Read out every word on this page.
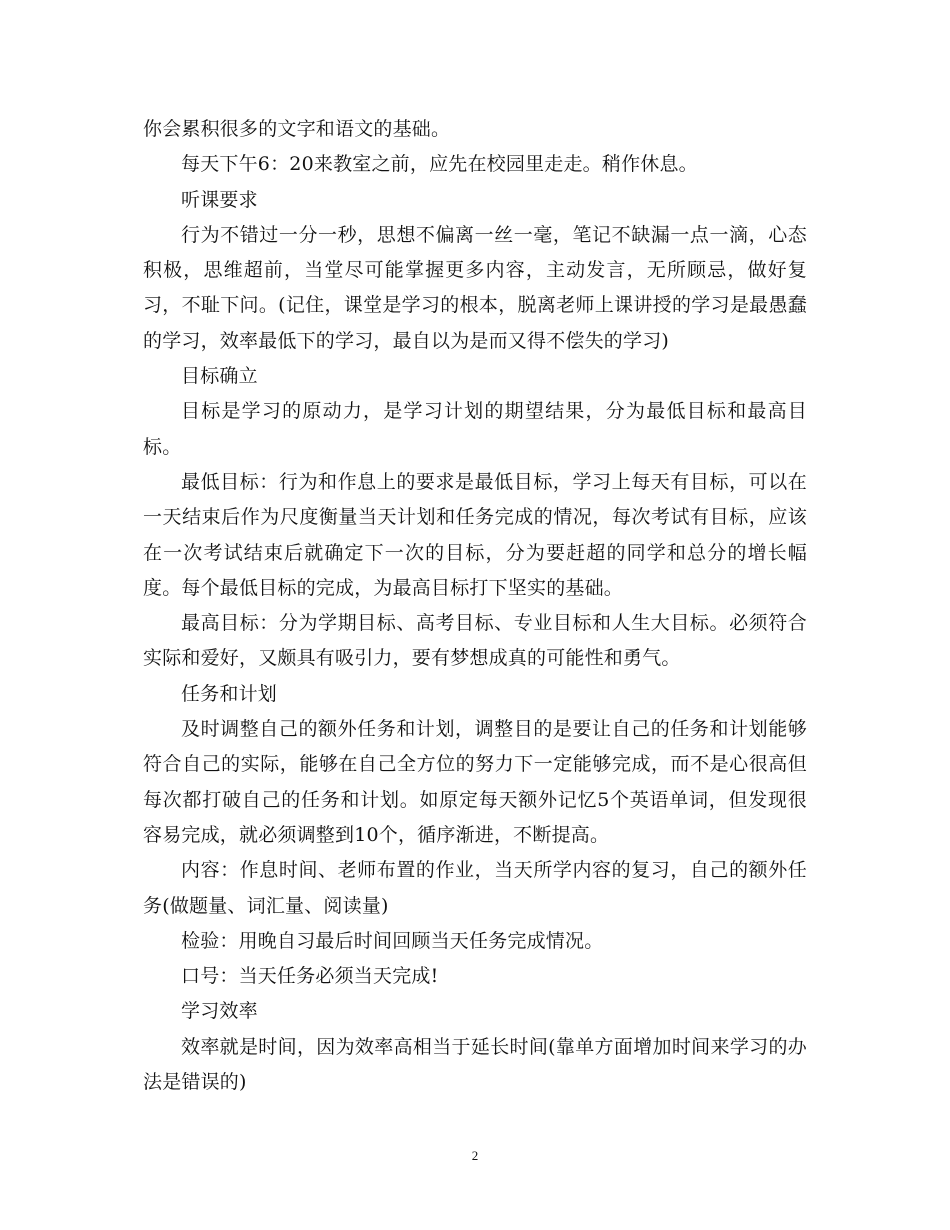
你会累积很多的文字和语文的基础。

每天下午6：20来教室之前，应先在校园里走走。稍作休息。

听课要求

行为不错过一分一秒，思想不偏离一丝一毫，笔记不缺漏一点一滴，心态积极，思维超前，当堂尽可能掌握更多内容，主动发言，无所顾忌，做好复习，不耻下问。(记住，课堂是学习的根本，脱离老师上课讲授的学习是最愚蠢的学习，效率最低下的学习，最自以为是而又得不偿失的学习)

目标确立

目标是学习的原动力，是学习计划的期望结果，分为最低目标和最高目标。

最低目标：行为和作息上的要求是最低目标，学习上每天有目标，可以在一天结束后作为尺度衡量当天计划和任务完成的情况，每次考试有目标，应该在一次考试结束后就确定下一次的目标，分为要赶超的同学和总分的增长幅度。每个最低目标的完成，为最高目标打下坚实的基础。

最高目标：分为学期目标、高考目标、专业目标和人生大目标。必须符合实际和爱好，又颇具有吸引力，要有梦想成真的可能性和勇气。

任务和计划

及时调整自己的额外任务和计划，调整目的是要让自己的任务和计划能够符合自己的实际，能够在自己全方位的努力下一定能够完成，而不是心很高但每次都打破自己的任务和计划。如原定每天额外记忆5个英语单词，但发现很容易完成，就必须调整到10个，循序渐进，不断提高。

内容：作息时间、老师布置的作业，当天所学内容的复习，自己的额外任务(做题量、词汇量、阅读量)

检验：用晚自习最后时间回顾当天任务完成情况。

口号：当天任务必须当天完成!

学习效率

效率就是时间，因为效率高相当于延长时间(靠单方面增加时间来学习的办法是错误的)

2
